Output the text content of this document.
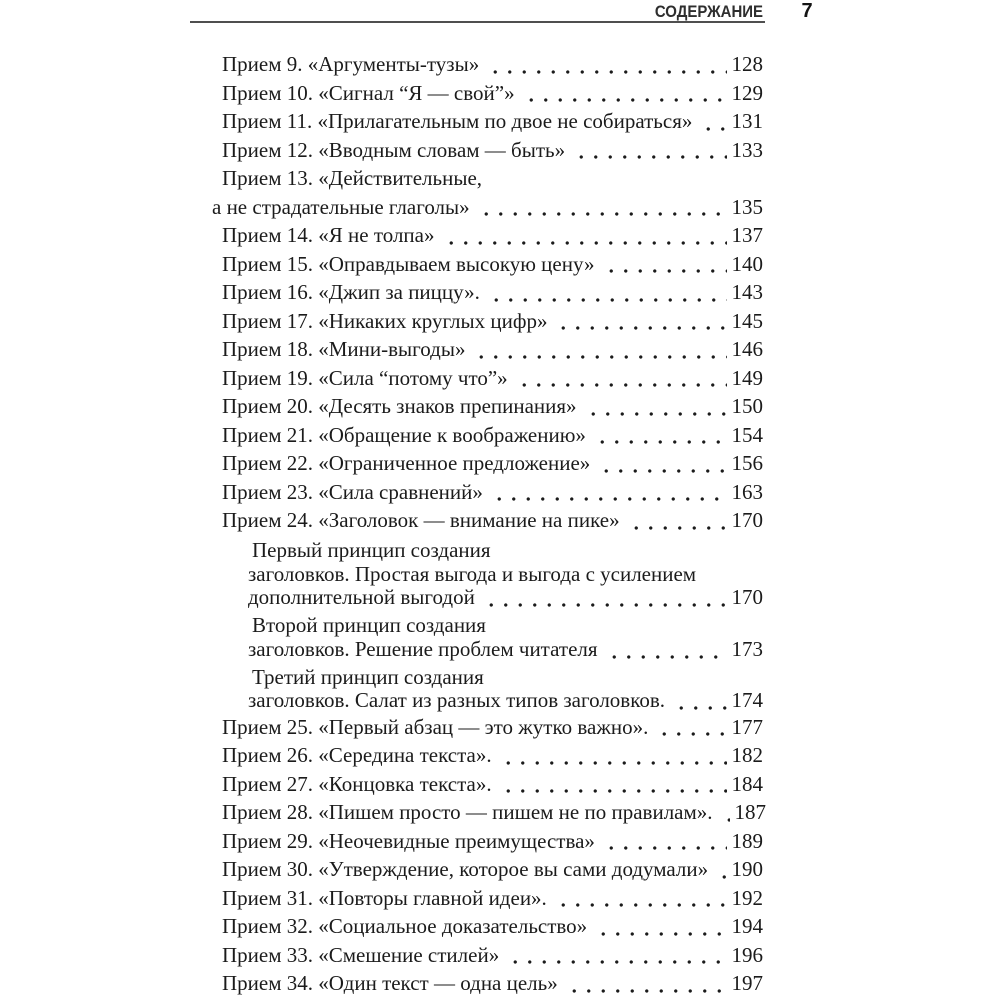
СОДЕРЖАНИЕ	7
Прием 9. «Аргументы-тузы»	128
Прием 10. «Сигнал “Я — свой”»	129
Прием 11. «Прилагательным по двое не собираться» 131
Прием 12. «Вводным словам — быть»	133
Прием 13. «Действительные,
а не страдательные глаголы»	135
Прием 14. «Я не толпа»	137
Прием 15. «Оправдываем высокую цену»	140
Прием 16. «Джип за пиццу».	143
Прием 17. «Никаких круглых цифр»	145
Прием 18. «Мини-выгоды»	146
Прием 19. «Сила “потому что”»	149
Прием 20. «Десять знаков препинания»	150
Прием 21. «Обращение к воображению»	154
Прием 22. «Ограниченное предложение»	156
Прием 23. «Сила сравнений»	163
Прием 24. «Заголовок — внимание на пике»	170
Первый принцип создания
заголовков. Простая выгода и выгода с усилением
дополнительной выгодой	170
Второй принцип создания
заголовков. Решение проблем читателя	173
Третий принцип создания
заголовков. Салат из разных типов заголовков.	174
Прием 25. «Первый абзац — это жутко важно».	177
Прием 26. «Середина текста».	182
Прием 27. «Концовка текста».	184
Прием 28. «Пишем просто — пишем не по правилам». 187
Прием 29. «Неочевидные преимущества»	189
Прием 30. «Утверждение, которое вы сами додумали» 190
Прием 31. «Повторы главной идеи».	192
Прием 32. «Социальное доказательство»	194
Прием 33. «Смешение стилей»	196
Прием 34. «Один текст — одна цель»	197
